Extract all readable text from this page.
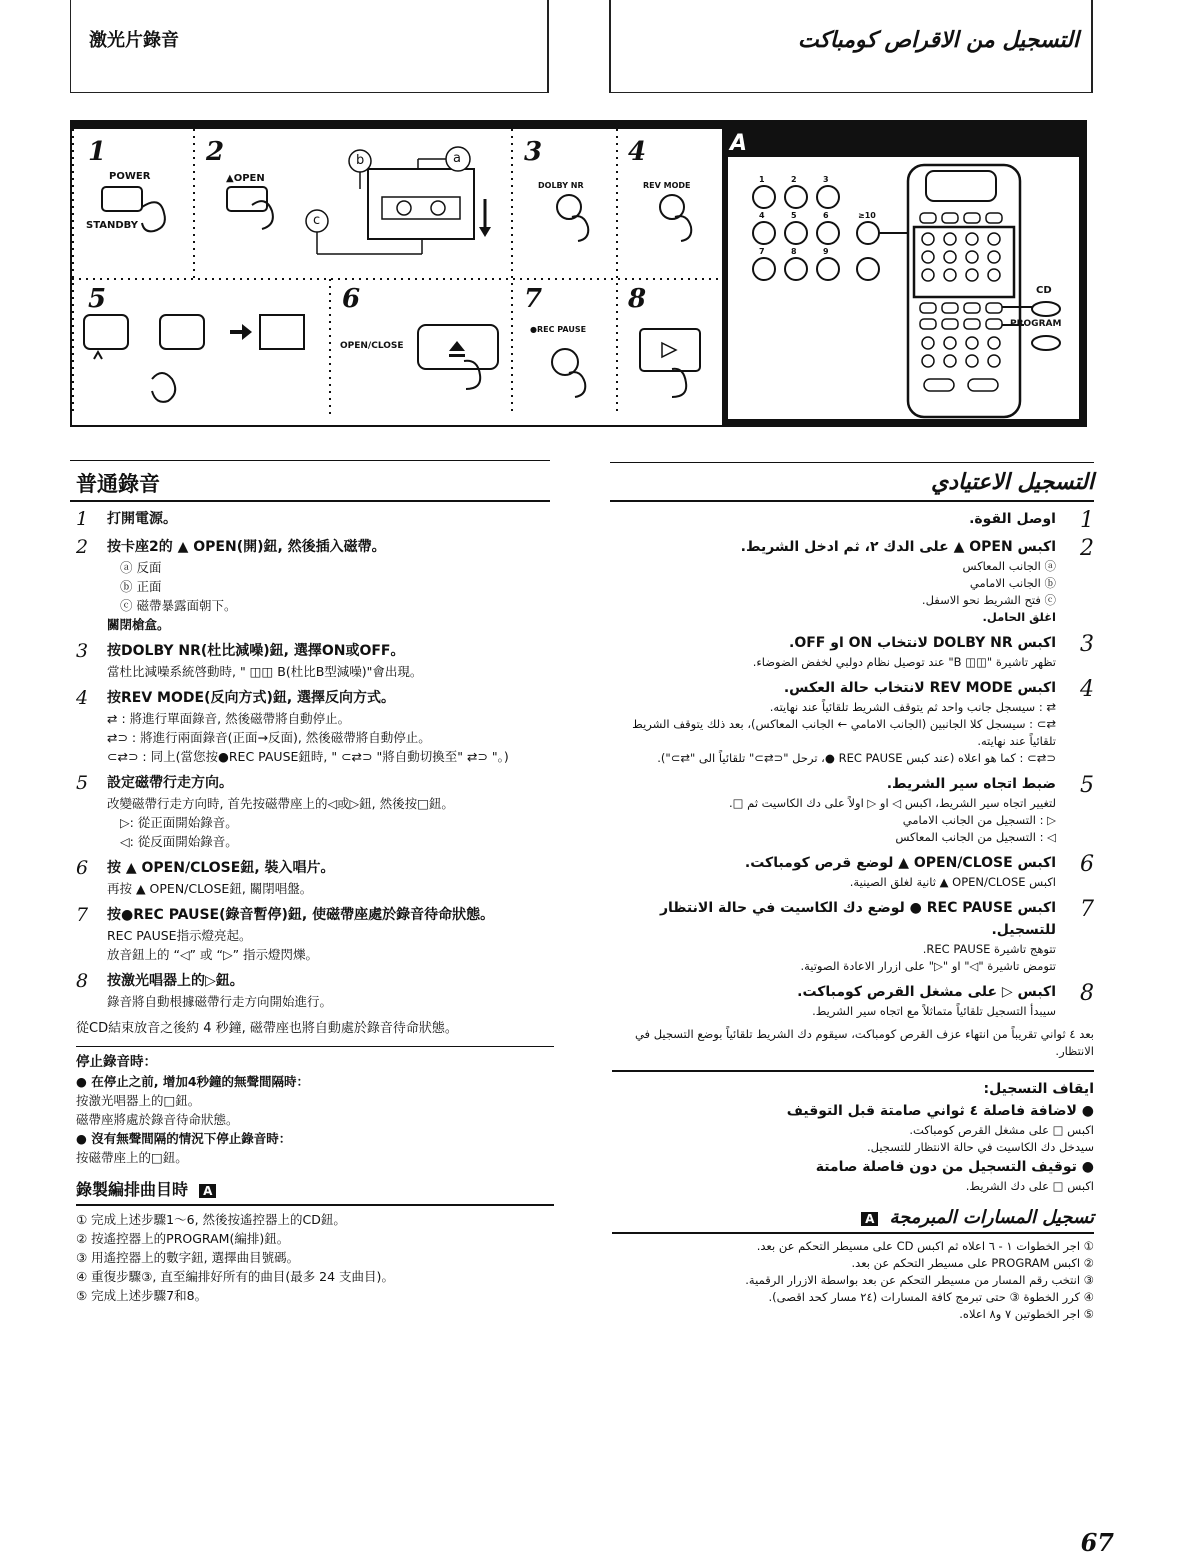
激光片錄音	التسجيل من الاقراص كومباكت
1	2	3	4
5	6	7	8
POWER
STANDBY
▲OPEN
a
b
c
DOLBY NR	REV MODE
OPEN/CLOSE
●REC PAUSE
A
1	2	3
4	5	6	≥10
7	8	9
CD
PROGRAM
普通錄音	التسجيل الاعتيادي
1 打開電源。
2 按卡座2的 ▲ OPEN(開)鈕, 然後插入磁帶。
ⓐ 反面
ⓑ 正面
ⓒ 磁帶暴露面朝下。
關閉槍盒。
3 按DOLBY NR(杜比減噪)鈕, 選擇ON或OFF。
當杜比減噪系統啓動時, " ◫◫ B(杜比B型減噪)"會出現。
4 按REV MODE(反向方式)鈕, 選擇反向方式。
⇄ : 將進行單面錄音, 然後磁帶將自動停止。
⇄⊃ : 將進行兩面錄音(正面→反面), 然後磁帶將自動停止。
⊂⇄⊃ : 同上(當您按●REC PAUSE鈕時, " ⊂⇄⊃ "將自動切換至" ⇄⊃ "。)
5 設定磁帶行走方向。
改變磁帶行走方向時, 首先按磁帶座上的◁或▷鈕, 然後按□鈕。
▷: 從正面開始錄音。
◁: 從反面開始錄音。
6 按 ▲ OPEN/CLOSE鈕, 裝入唱片。
再按 ▲ OPEN/CLOSE鈕, 關閉唱盤。
7 按●REC PAUSE(錄音暫停)鈕, 使磁帶座處於錄音待命狀態。
REC PAUSE指示燈亮起。
放音鈕上的 “◁” 或 “▷” 指示燈閃爍。
8 按激光唱器上的▷鈕。
錄音將自動根據磁帶行走方向開始進行。
從CD結束放音之後約 4 秒鐘, 磁帶座也將自動處於錄音待命狀態。
停止錄音時：
● 在停止之前, 增加4秒鐘的無聲間隔時：
按激光唱器上的□鈕。
磁帶座將處於錄音待命狀態。
● 沒有無聲間隔的情況下停止錄音時：
按磁帶座上的□鈕。
錄製編排曲目時 A
① 完成上述步驟1～6, 然後按遙控器上的CD鈕。
② 按遙控器上的PROGRAM(編排)鈕。
③ 用遙控器上的數字鈕, 選擇曲目號碼。
④ 重復步驟③, 直至編排好所有的曲目(最多 24 支曲目)。
⑤ 完成上述步驟7和8。
1
اوصل القوة.
2
اكبس OPEN ▲ على الدك ٢، ثم ادخل الشريط.
ⓐ الجانب المعاكس
ⓑ الجانب الامامي
ⓒ فتح الشريط نحو الاسفل.
اغلق الحامل.
3
اكبس DOLBY NR لانتخاب ON او OFF.
تظهر تاشيرة "◫◫ B" عند توصيل نظام دولبي لخفض الضوضاء.
4
اكبس REV MODE لانتخاب حالة العكس.
⇄ : سيسجل جانب واحد ثم يتوقف الشريط تلقائياً عند نهايته.
⇄⊃ : سيسجل كلا الجانبين (الجانب الامامي ← الجانب المعاكس)، بعد ذلك يتوقف الشريط تلقائياً عند نهايته.
⊂⇄⊃ : كما هو اعلاه (عند كبس REC PAUSE ●، ترحل "⊂⇄⊃" تلقائياً الى "⇄⊃").
5
ضبط اتجاه سير الشريط.
لتغيير اتجاه سير الشريط، اكبس ◁ او ▷ اولاً على دك الكاسيت ثم □.
▷ : التسجيل من الجانب الامامي
◁ : التسجيل من الجانب المعاكس
6
اكبس OPEN/CLOSE ▲ لوضع قرص كومباكت.
اكبس OPEN/CLOSE ▲ ثانية لغلق الصينية.
7
اكبس REC PAUSE ● لوضع دك الكاسيت في حالة الانتظار للتسجيل.
تتوهج تاشيرة REC PAUSE.
تتومض تاشيرة "◁" او "▷" على ازرار الاعادة الصوتية.
8
اكبس ▷ على مشغل القرص كومباكت.
سيبدأ التسجيل تلقائياً متماثلاً مع اتجاه سير الشريط.
بعد ٤ ثواني تقريباً من انتهاء عزف القرص كومباكت، سيقوم دك الشريط تلقائياً بوضع التسجيل في الانتظار.
ايقاف التسجيل:
● لاضافة فاصلة ٤ ثواني صامتة قبل التوقيف
اكبس □ على مشغل القرص كومباكت.
سيدخل دك الكاسيت في حالة الانتظار للتسجيل.
● توقيف التسجيل من دون فاصلة صامتة
اكبس □ على دك الشريط.
تسجيل المسارات المبرمجة A
① اجر الخطوات ١ - ٦ اعلاه ثم اكبس CD على مسيطر التحكم عن بعد.
② اكبس PROGRAM على مسيطر التحكم عن بعد.
③ انتخب رقم المسار من مسيطر التحكم عن بعد بواسطة الازرار الرقمية.
④ كرر الخطوة ③ حتى تبرمج كافة المسارات (٢٤ مسار كحد اقصى).
⑤ اجر الخطوتين ٧ و٨ اعلاه.
67
